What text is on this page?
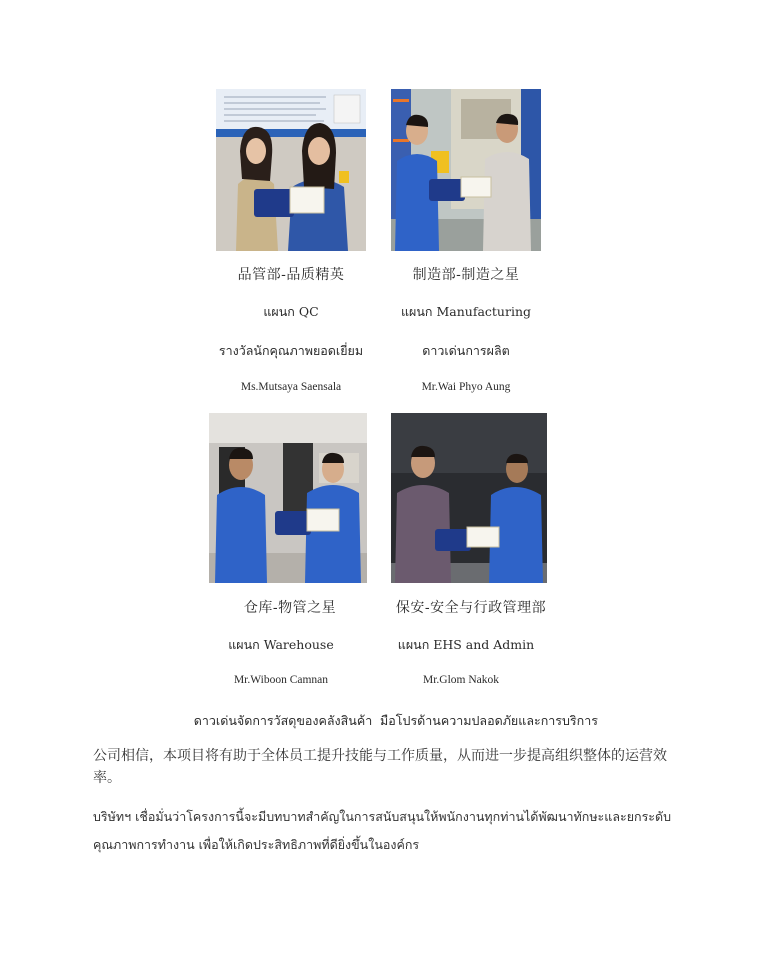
品管部-品质精英	制造部-制造之星
แผนก QC	แผนก Manufacturing
รางวัลนักคุณภาพยอดเยี่ยม	ดาวเด่นการผลิต
Ms.Mutsaya Saensala	Mr.Wai Phyo Aung
仓库-物管之星	保安-安全与行政管理部
แผนก Warehouse	แผนก EHS and Admin
Mr.Wiboon Camnan	Mr.Glom Nakok
ดาวเด่นจัดการวัสดุของคลังสินค้า มือโปรด้านความปลอดภัยและการบริการ
公司相信，本项目将有助于全体员工提升技能与工作质量，从而进一步提高组织整体的运营效率。
บริษัทฯ เชื่อมั่นว่าโครงการนี้จะมีบทบาทสำคัญในการสนับสนุนให้พนักงานทุกท่านได้พัฒนาทักษะและยกระดับคุณภาพการทำงาน เพื่อให้เกิดประสิทธิภาพที่ดียิ่งขึ้นในองค์กร
